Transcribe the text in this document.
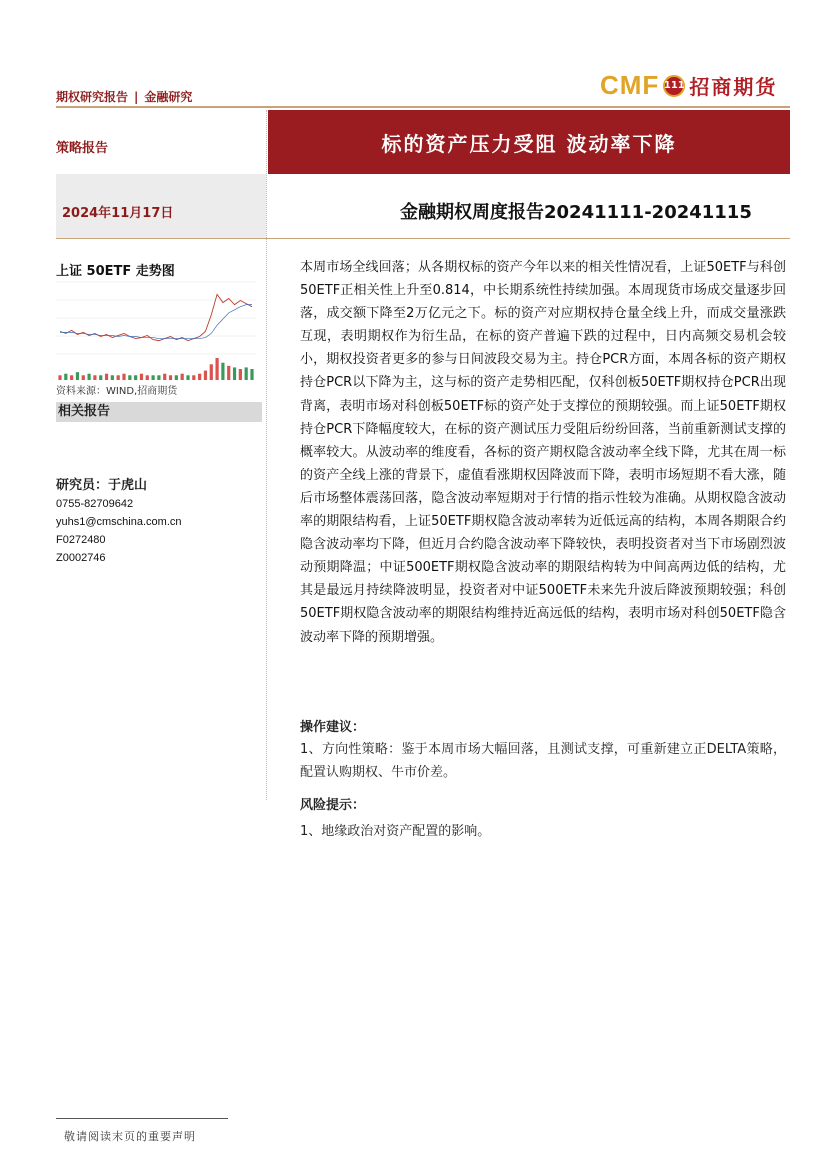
期权研究报告 | 金融研究	CMF 111 招商期货
策略报告	标的资产压力受阻 波动率下降
2024年11月17日	金融期权周度报告20241111-20241115
上证 50ETF 走势图
资料来源：WIND,招商期货
相关报告
研究员：于虎山
0755-82709642
yuhs1@cmschina.com.cn
F0272480
Z0002746
本周市场全线回落；从各期权标的资产今年以来的相关性情况看，上证50ETF与科创50ETF正相关性上升至0.814，中长期系统性持续加强。本周现货市场成交量逐步回落，成交额下降至2万亿元之下。标的资产对应期权持仓量全线上升，而成交量涨跌互现，表明期权作为衍生品，在标的资产普遍下跌的过程中，日内高频交易机会较小，期权投资者更多的参与日间波段交易为主。持仓PCR方面，本周各标的资产期权持仓PCR以下降为主，这与标的资产走势相匹配，仅科创板50ETF期权持仓PCR出现背离，表明市场对科创板50ETF标的资产处于支撑位的预期较强。而上证50ETF期权持仓PCR下降幅度较大，在标的资产测试压力受阻后纷纷回落，当前重新测试支撑的概率较大。从波动率的维度看，各标的资产期权隐含波动率全线下降，尤其在周一标的资产全线上涨的背景下，虚值看涨期权因降波而下降，表明市场短期不看大涨，随后市场整体震荡回落，隐含波动率短期对于行情的指示性较为准确。从期权隐含波动率的期限结构看，上证50ETF期权隐含波动率转为近低远高的结构，本周各期限合约隐含波动率均下降，但近月合约隐含波动率下降较快，表明投资者对当下市场剧烈波动预期降温；中证500ETF期权隐含波动率的期限结构转为中间高两边低的结构，尤其是最远月持续降波明显，投资者对中证500ETF未来先升波后降波预期较强；科创50ETF期权隐含波动率的期限结构维持近高远低的结构，表明市场对科创50ETF隐含波动率下降的预期增强。
操作建议：
1、方向性策略：鉴于本周市场大幅回落，且测试支撑，可重新建立正DELTA策略，配置认购期权、牛市价差。
风险提示：
1、地缘政治对资产配置的影响。
敬请阅读末页的重要声明
